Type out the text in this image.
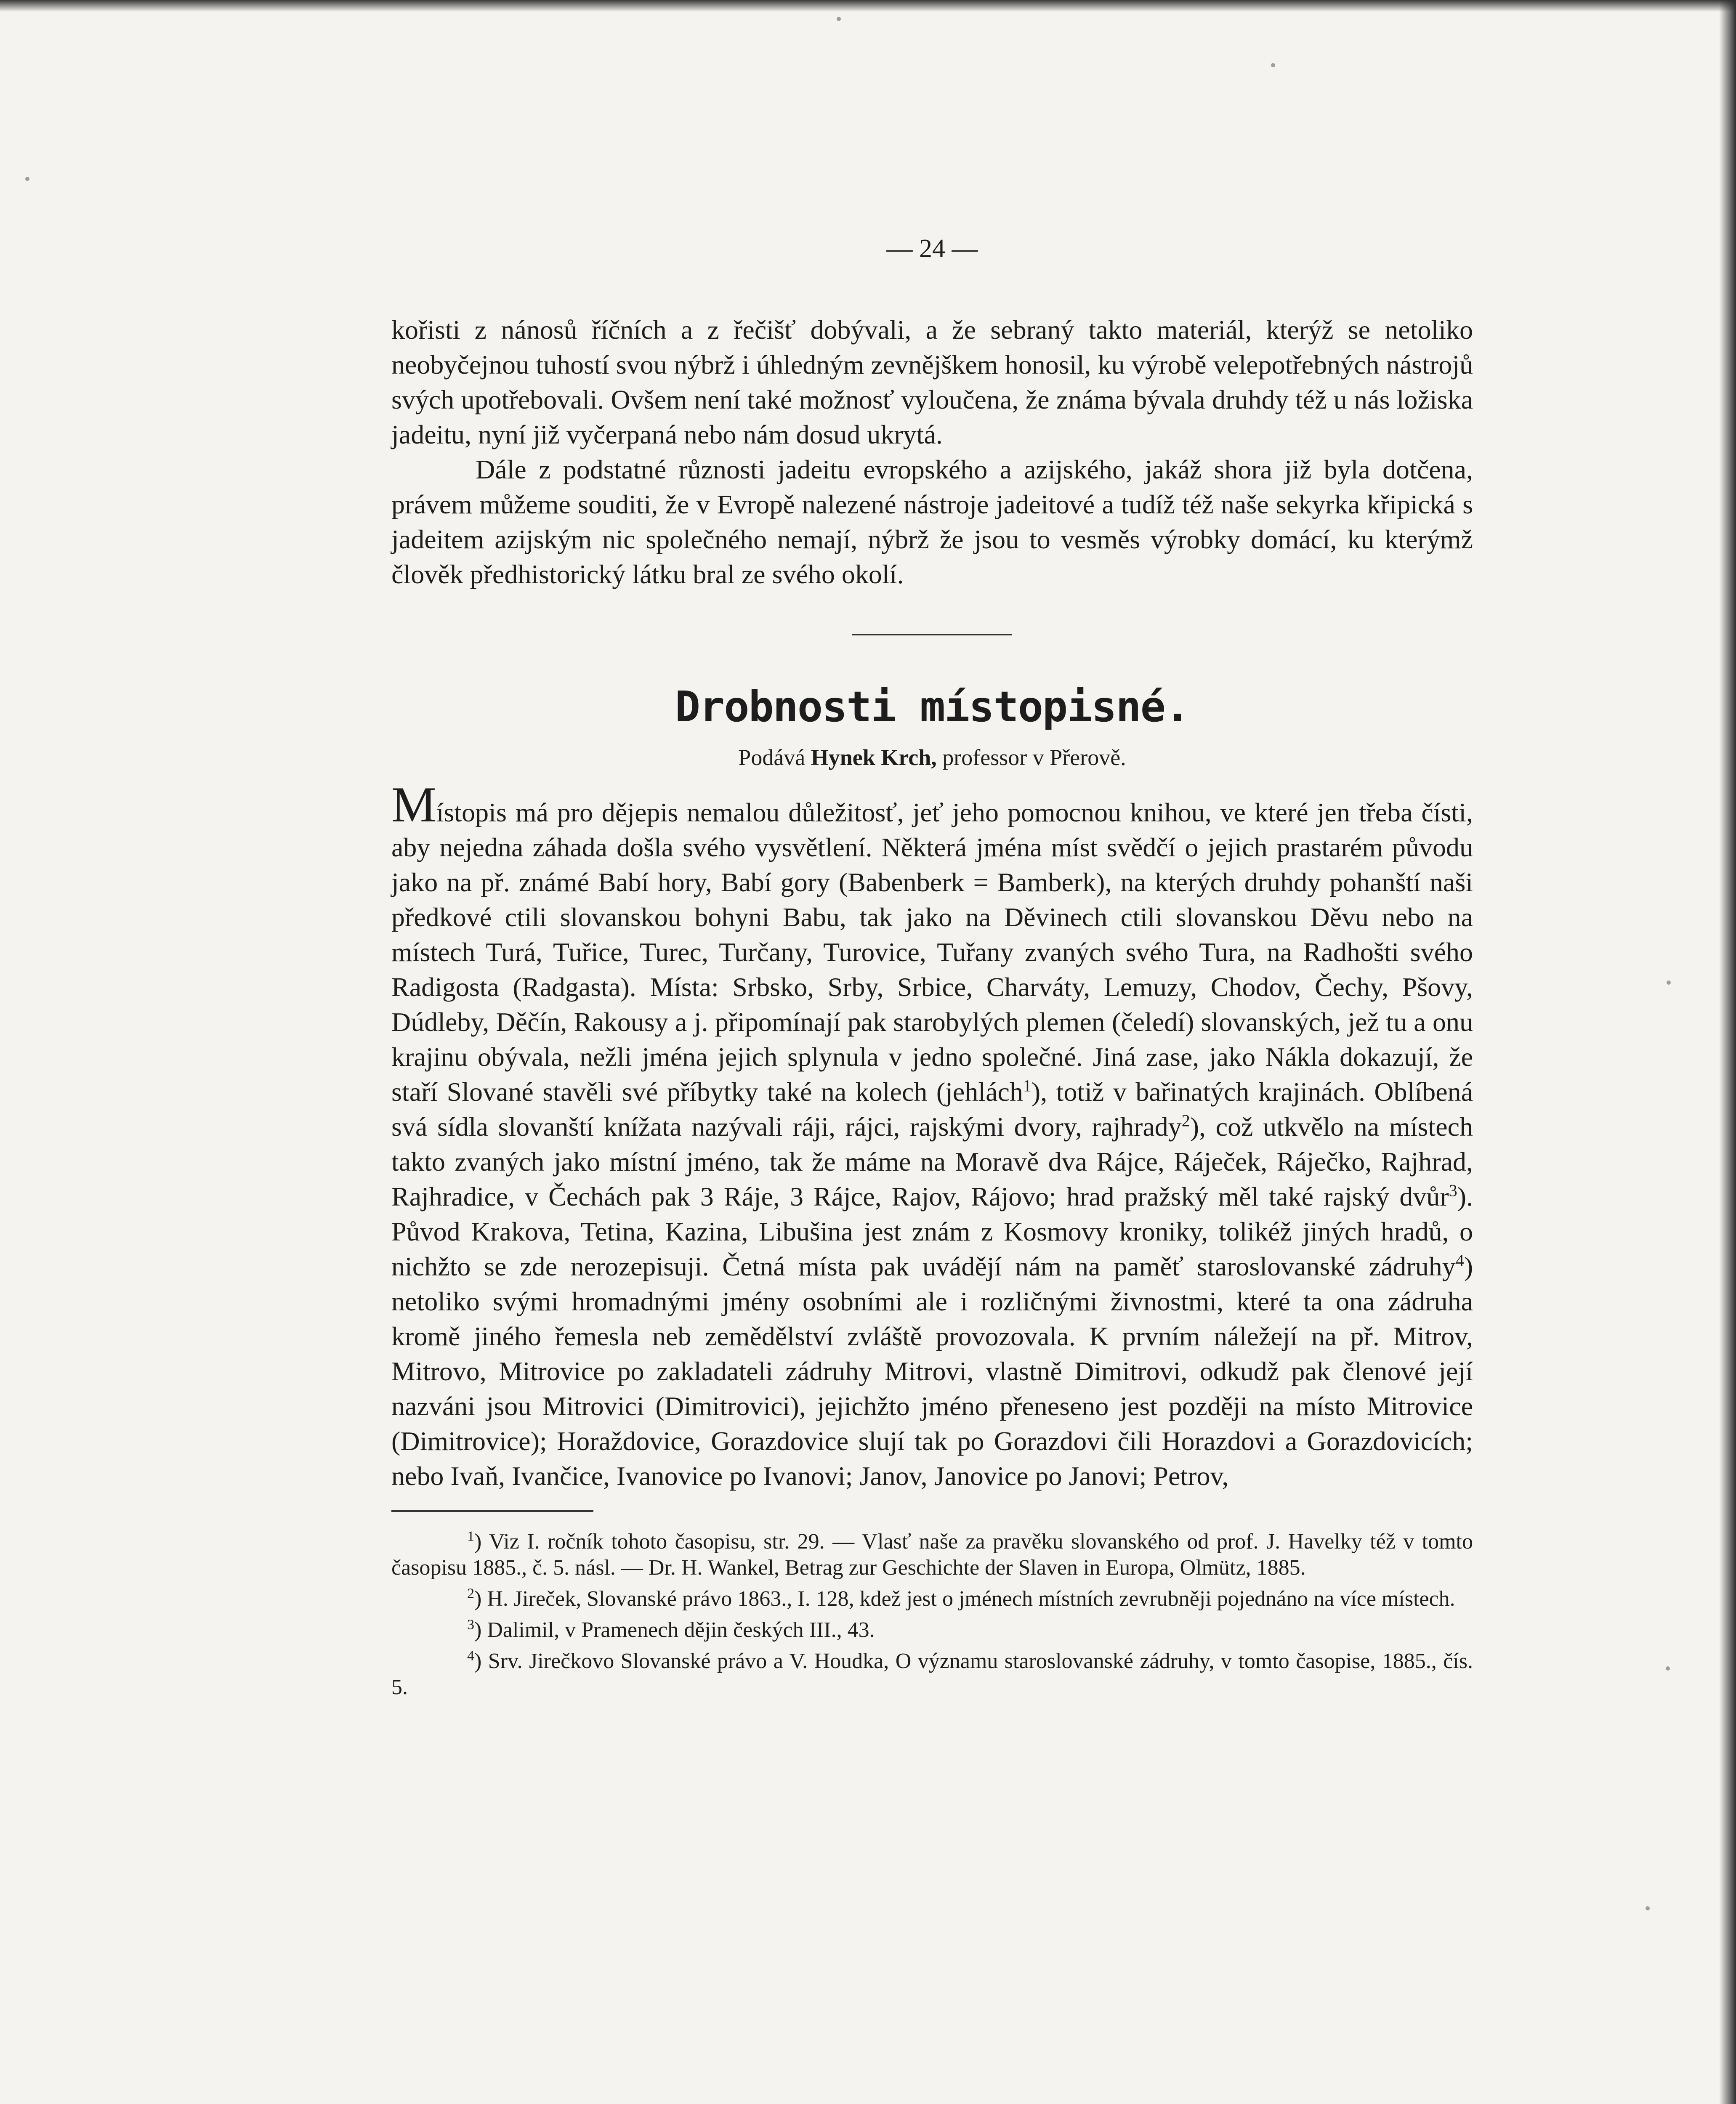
— 24 —

kořisti z nánosů říčních a z řečišť dobývali, a že sebraný takto materiál, kterýž se netoliko neobyčejnou tuhostí svou nýbrž i úhledným zevnějškem honosil, ku výrobě velepotřebných nástrojů svých upotřebovali. Ovšem není také možnosť vyloučena, že známa bývala druhdy též u nás ložiska jadeitu, nyní již vyčerpaná nebo nám dosud ukrytá.

Dále z podstatné různosti jadeitu evropského a azijského, jakáž shora již byla dotčena, právem můžeme souditi, že v Evropě nalezené nástroje jadeitové a tudíž též naše sekyrka křipická s jadeitem azijským nic společného nemají, nýbrž že jsou to vesměs výrobky domácí, ku kterýmž člověk předhistorický látku bral ze svého okolí.

Drobnosti místopisné.
Podává Hynek Krch, professor v Přerově.

Místopis má pro dějepis nemalou důležitosť, jeť jeho pomocnou knihou, ve které jen třeba čísti, aby nejedna záhada došla svého vysvětlení. Některá jména míst svědčí o jejich prastarém původu jako na př. známé Babí hory, Babí gory (Babenberk = Bamberk), na kterých druhdy pohanští naši předkové ctili slovanskou bohyni Babu, tak jako na Děvinech ctili slovanskou Děvu nebo na místech Turá, Tuřice, Turec, Turčany, Turovice, Tuřany zvaných svého Tura, na Radhošti svého Radigosta (Radgasta). Místa: Srbsko, Srby, Srbice, Charváty, Lemuzy, Chodov, Čechy, Pšovy, Dúdleby, Děčín, Rakousy a j. připomínají pak starobylých plemen (čeledí) slovanských, jež tu a onu krajinu obývala, nežli jména jejich splynula v jedno společné. Jiná zase, jako Nákla dokazují, že staří Slované stavěli své příbytky také na kolech (jehlách$^1$), totiž v bařinatých krajinách. Oblíbená svá sídla slovanští knížata nazývali ráji, rájci, rajskými dvory, rajhrady$^2$), což utkvělo na místech takto zvaných jako místní jméno, tak že máme na Moravě dva Rájce, Ráječek, Ráječko, Rajhrad, Rajhradice, v Čechách pak 3 Ráje, 3 Rájce, Rajov, Rájovo; hrad pražský měl také rajský dvůr$^3$). Původ Krakova, Tetina, Kazina, Libušina jest znám z Kosmovy kroniky, tolikéž jiných hradů, o nichžto se zde nerozepisuji. Četná místa pak uvádějí nám na paměť staroslovanské zádruhy$^4$) netoliko svými hromadnými jmény osobními ale i rozličnými živnostmi, které ta ona zádruha kromě jiného řemesla neb zemědělství zvláště provozovala. K prvním náležejí na př. Mitrov, Mitrovo, Mitrovice po zakladateli zádruhy Mitrovi, vlastně Dimitrovi, odkudž pak členové její nazváni jsou Mitrovici (Dimitrovici), jejichžto jméno přeneseno jest později na místo Mitrovice (Dimitrovice); Horaždovice, Gorazdovice slují tak po Gorazdovi čili Horazdovi a Gorazdovicích; nebo Ivaň, Ivančice, Ivanovice po Ivanovi; Janov, Janovice po Janovi; Petrov,

$^1$) Viz I. ročník tohoto časopisu, str. 29. — Vlasť naše za pravěku slovanského od prof. J. Havelky též v tomto časopisu 1885., č. 5. násl. — Dr. H. Wankel, Betrag zur Geschichte der Slaven in Europa, Olmütz, 1885.

$^2$) H. Jireček, Slovanské právo 1863., I. 128, kdež jest o jménech místních zevrubněji pojednáno na více místech.

$^3$) Dalimil, v Pramenech dějin českých III., 43.

$^4$) Srv. Jirečkovo Slovanské právo a V. Houdka, O významu staroslovanské zádruhy, v tomto časopise, 1885., čís. 5.
